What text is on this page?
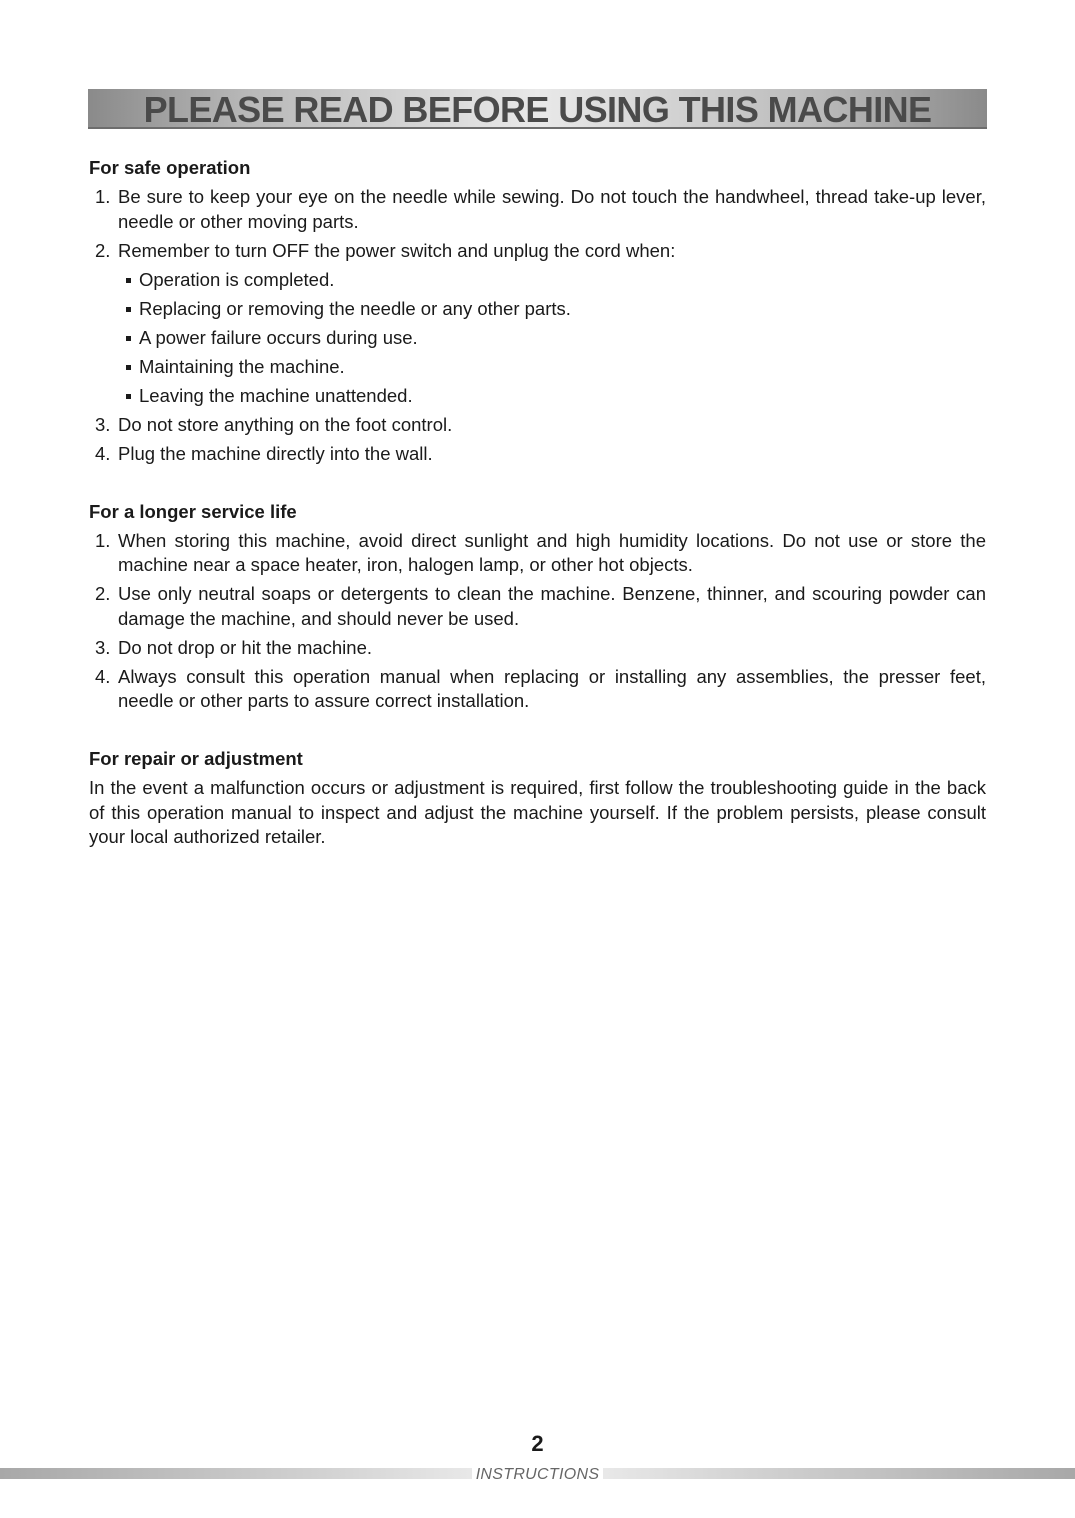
PLEASE READ BEFORE USING THIS MACHINE
For safe operation
1. Be sure to keep your eye on the needle while sewing. Do not touch the handwheel, thread take-up lever, needle or other moving parts.
2. Remember to turn OFF the power switch and unplug the cord when:
Operation is completed.
Replacing or removing the needle or any other parts.
A power failure occurs during use.
Maintaining the machine.
Leaving the machine unattended.
3. Do not store anything on the foot control.
4. Plug the machine directly into the wall.
For a longer service life
1. When storing this machine, avoid direct sunlight and high humidity locations. Do not use or store the machine near a space heater, iron, halogen lamp, or other hot objects.
2. Use only neutral soaps or detergents to clean the machine. Benzene, thinner, and scouring powder can damage the machine, and should never be used.
3. Do not drop or hit the machine.
4. Always consult this operation manual when replacing or installing any assemblies, the presser feet, needle or other parts to assure correct installation.
For repair or adjustment

In the event a malfunction occurs or adjustment is required, first follow the troubleshooting guide in the back of this operation manual to inspect and adjust the machine yourself. If the problem persists, please consult your local authorized retailer.

2
INSTRUCTIONS
